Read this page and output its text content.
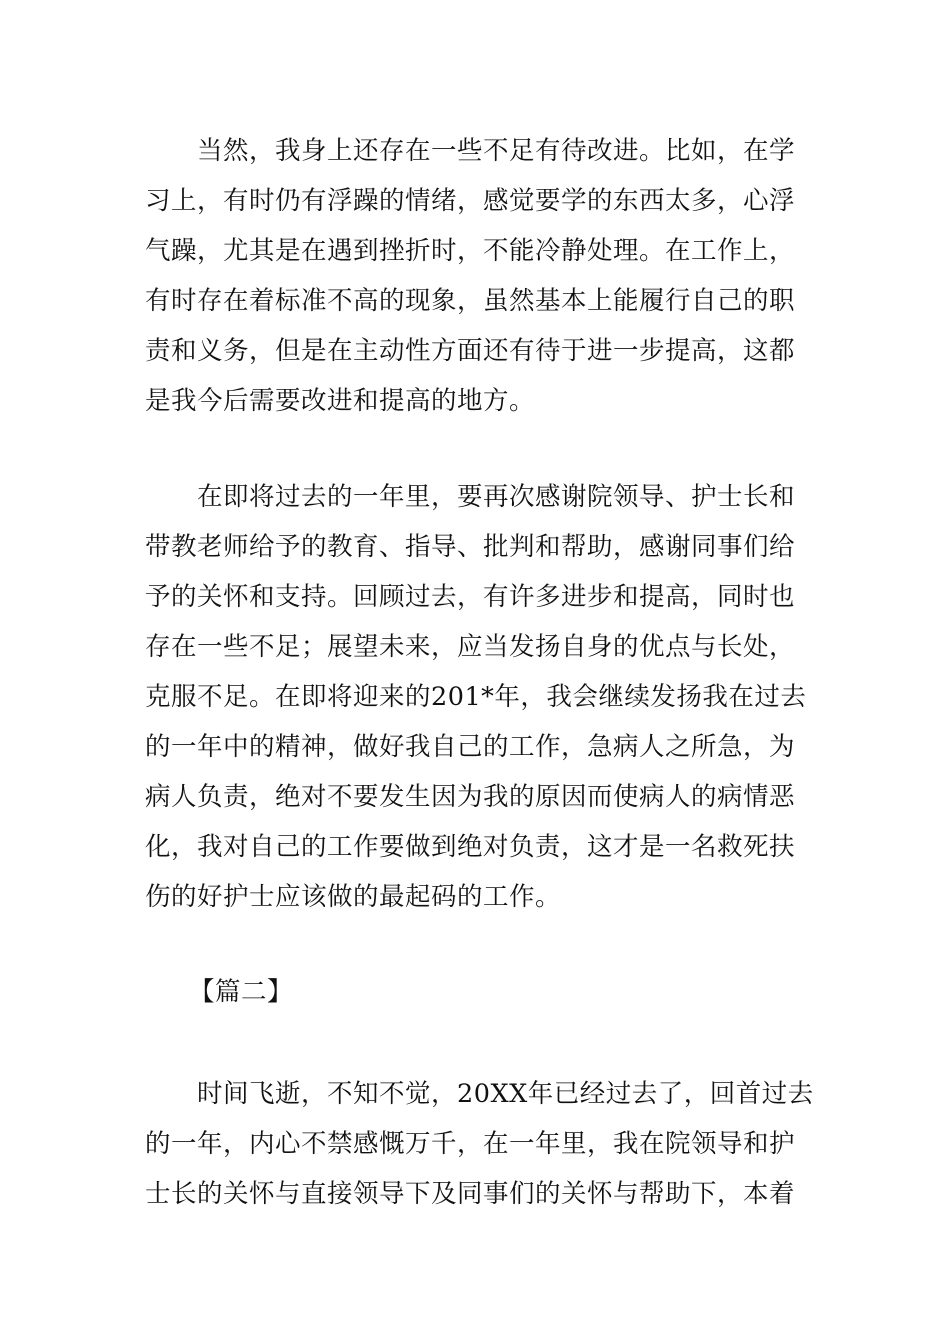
当然，我身上还存在一些不足有待改进。比如，在学
习上，有时仍有浮躁的情绪，感觉要学的东西太多，心浮
气躁，尤其是在遇到挫折时，不能冷静处理。在工作上，
有时存在着标准不高的现象，虽然基本上能履行自己的职
责和义务，但是在主动性方面还有待于进一步提高，这都
是我今后需要改进和提高的地方。
在即将过去的一年里，要再次感谢院领导、护士长和
带教老师给予的教育、指导、批判和帮助，感谢同事们给
予的关怀和支持。回顾过去，有许多进步和提高，同时也
存在一些不足；展望未来，应当发扬自身的优点与长处，
克服不足。在即将迎来的201*年，我会继续发扬我在过去
的一年中的精神，做好我自己的工作，急病人之所急，为
病人负责，绝对不要发生因为我的原因而使病人的病情恶
化，我对自己的工作要做到绝对负责，这才是一名救死扶
伤的好护士应该做的最起码的工作。
【篇二】
时间飞逝，不知不觉，20XX年已经过去了，回首过去
的一年，内心不禁感慨万千，在一年里，我在院领导和护
士长的关怀与直接领导下及同事们的关怀与帮助下，本着
